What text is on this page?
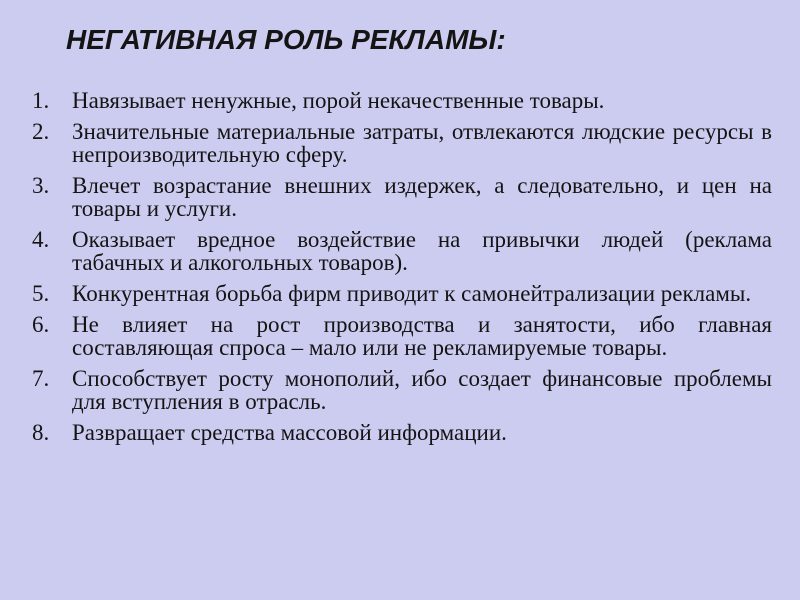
НЕГАТИВНАЯ РОЛЬ РЕКЛАМЫ:
1. Навязывает ненужные, порой некачественные товары.
2. Значительные материальные затраты, отвлекаются людские ресурсы в непроизводительную сферу.
3. Влечет возрастание внешних издержек, а следовательно, и цен на товары и услуги.
4. Оказывает вредное воздействие на привычки людей (реклама табачных и алкогольных товаров).
5. Конкурентная борьба фирм приводит к самонейтрализации рекламы.
6. Не влияет на рост производства и занятости, ибо главная составляющая спроса – мало или не рекламируемые товары.
7. Способствует росту монополий, ибо создает финансовые проблемы для вступления в отрасль.
8. Развращает средства массовой информации.
